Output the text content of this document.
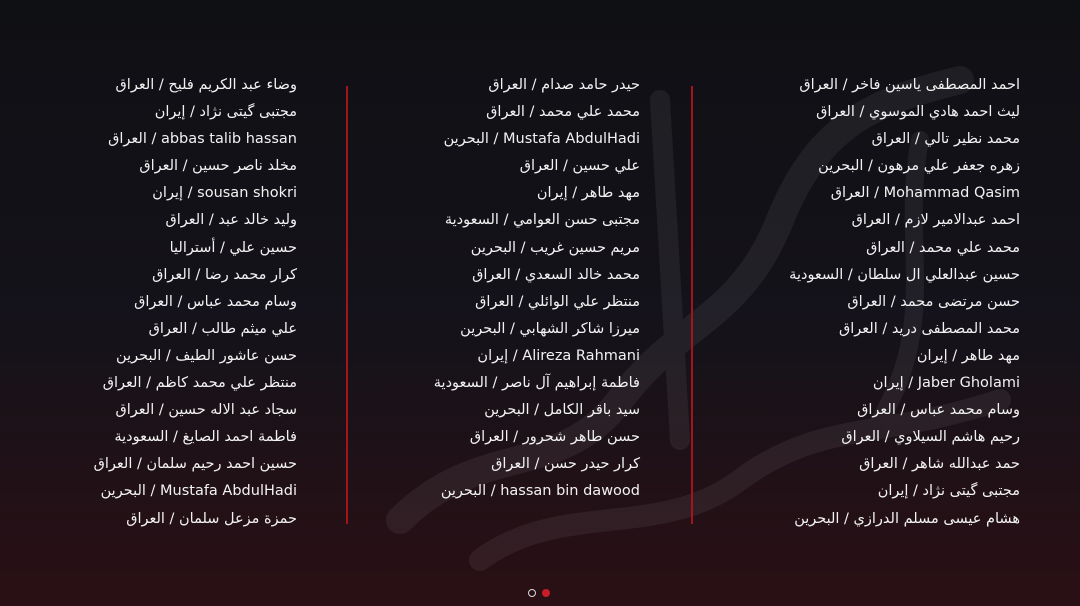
احمد المصطفى ياسين فاخر / العراق
ليث احمد هادي الموسوي / العراق
محمد نظير تالي / العراق
زهره جعفر علي مرهون / البحرين
Mohammad Qasim / العراق
احمد عبدالامير لازم / العراق
محمد علي محمد / العراق
حسين عبدالعلي ال سلطان / السعودية
حسن مرتضى محمد / العراق
محمد المصطفى دريد / العراق
مهد طاهر / إيران
Jaber Gholami / إيران
وسام محمد عباس / العراق
رحيم هاشم السيلاوي / العراق
حمد عبدالله شاهر / العراق
مجتبی گیتی نژاد / إيران
هشام عيسى مسلم الدرازي / البحرين
حيدر حامد صدام / العراق
محمد علي محمد / العراق
Mustafa AbdulHadi / البحرين
علي حسين / العراق
مهد طاهر / إيران
مجتبى حسن العوامي / السعودية
مريم حسين غريب / البحرين
محمد خالد السعدي / العراق
منتظر علي الوائلي / العراق
ميرزا شاكر الشهابي / البحرين
Alireza Rahmani / إيران
فاطمة إبراهيم آل ناصر / السعودية
سيد باقر الكامل / البحرين
حسن طاهر شحرور / العراق
كرار حيدر حسن / العراق
hassan bin dawood / البحرين
وضاء عبد الكريم فليح / العراق
مجتبی گیتی نژاد / إيران
abbas talib hassan / العراق
مخلد ناصر حسين / العراق
sousan shokri / إيران
وليد خالد عبد / العراق
حسين علي / أستراليا
كرار محمد رضا / العراق
وسام محمد عباس / العراق
علي ميثم طالب / العراق
حسن عاشور الطيف / البحرين
منتظر علي محمد كاظم / العراق
سجاد عبد الاله حسين / العراق
فاطمة احمد الصايغ / السعودية
حسين احمد رحيم سلمان / العراق
Mustafa AbdulHadi / البحرين
حمزة مزعل سلمان / العراق
